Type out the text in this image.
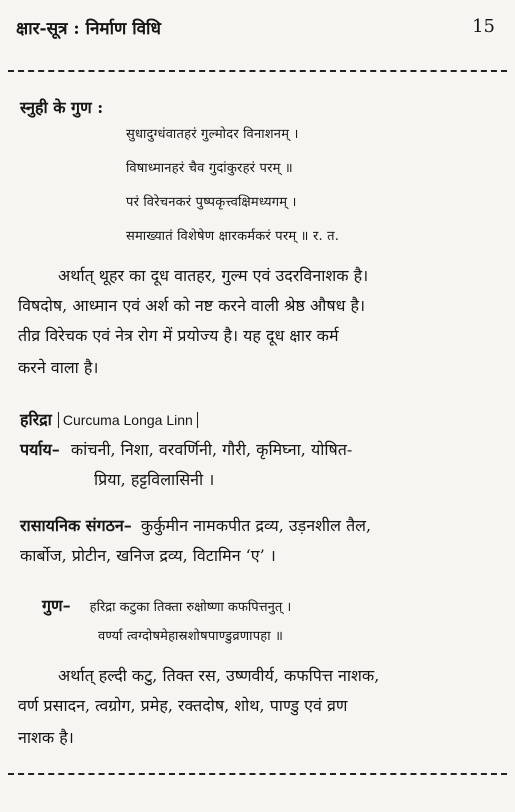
क्षार-सूत्र : निर्माण विधि	15
स्नुही के गुण :
सुधादुग्धंवातहरं गुल्मोदर विनाशनम् ।
विषाध्मानहरं चैव गुदांकुरहरं परम् ॥
परं विरेचनकरं पुष्पकृत्त्वक्षिमध्यगम् ।
समाख्यातं विशेषेण क्षारकर्मकरं परम् ॥ र. त.
अर्थात् थूहर का दूध वातहर, गुल्म एवं उदरविनाशक है।
विषदोष, आध्मान एवं अर्श को नष्ट करने वाली श्रेष्ठ औषध है।
तीव्र विरेचक एवं नेत्र रोग में प्रयोज्य है। यह दूध क्षार कर्म
करने वाला है।
हरिद्रा Curcuma Longa Linn
पर्याय– कांचनी, निशा, वरवर्णिनी, गौरी, कृमिघ्ना, योषित-
प्रिया, हट्टविलासिनी ।
रासायनिक संगठन– कुर्कुमीन नामकपीत द्रव्य, उड़नशील तैल,
कार्बोज, प्रोटीन, खनिज द्रव्य, विटामिन ‘ए’ ।
गुण– हरिद्रा कटुका तिक्ता रुक्षोष्णा कफपित्तनुत् ।
वर्ण्या त्वग्दोषमेहास्रशोषपाण्डुव्रणापहा ॥
अर्थात् हल्दी कटु, तिक्त रस, उष्णवीर्य, कफपित्त नाशक,
वर्ण प्रसादन, त्वग्रोग, प्रमेह, रक्तदोष, शोथ, पाण्डु एवं व्रण
नाशक है।
